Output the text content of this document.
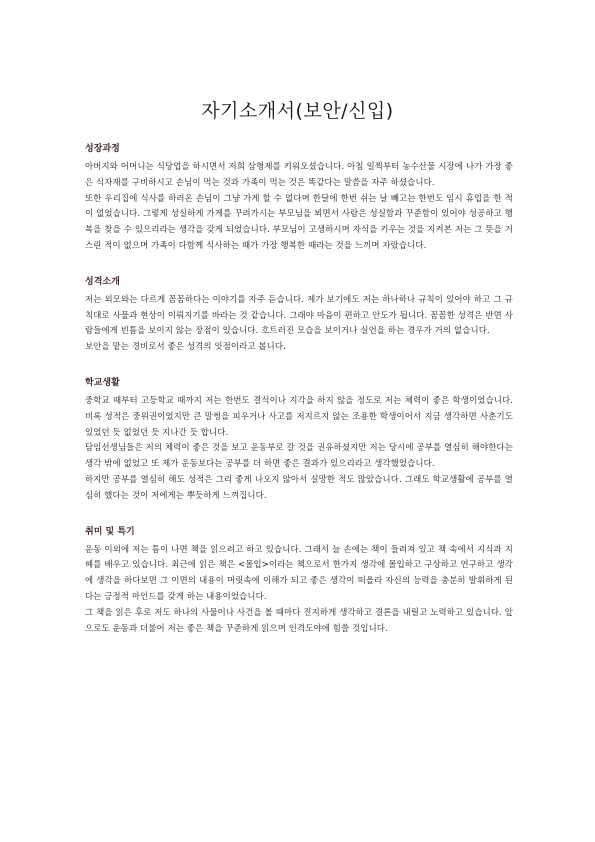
자기소개서(보안/신입)
성장과정

아버지와 어머니는 식당업을 하시면서 저희 삼형제를 키워오셨습니다. 아침 일찍부터 농수산물 시장에 나가 가장 좋은 식자재를 구비하시고 손님이 먹는 것과 가족이 먹는 것은 똑같다는 말씀을 자주 하셨습니다.

또한 우리집에 식사를 하러온 손님이 그냥 가게 할 수 없다며 한달에 한번 쉬는 날 빼고는 한번도 임시 휴업을 한 적이 없었습니다. 그렇게 성실하게 가게를 꾸려가시는 부모님을 뵈면서 사람은 성실함과 꾸준함이 있어야 성공하고 행복을 찾을 수 있으리라는 생각을 갖게 되었습니다. 부모님이 고생하시며 자식을 키우는 것을 지켜본 저는 그 뜻을 거스린 적이 없으며 가족이 다함께 식사하는 때가 가장 행복한 때라는 것을 느끼며 자랐습니다.

성격소개

저는 외모와는 다르게 꼼꼼하다는 이야기를 자주 듣습니다. 제가 보기에도 저는 하나하나 규칙이 있어야 하고 그 규칙대로 사물과 현상이 이뤄지기를 바라는 것 같습니다. 그래야 마음이 편하고 안도가 됩니다. 꼼꼼한 성격은 반면 사람들에게 빈틈을 보이지 않는 장점이 있습니다. 흐트러진 모습을 보이거나 실언을 하는 경우가 거의 없습니다.

보안을 맡는 경비로서 좋은 성격의 잇점이라고 봅니다.

학교생활

중학교 때부터 고등학교 때까지 저는 한번도 결석이나 지각을 하지 않을 정도로 저는 체력이 좋은 학생이었습니다. 비록 성적은 중위권이었지만 큰 말썽을 피우거나 사고를 저지르지 않는 조용한 학생이어서 지금 생각하면 사춘기도 있었던 듯 없었던 듯 지나간 듯 합니다.

담임선생님들은 저의 체력이 좋은 것을 보고 운동부로 갈 것을 권유하셨지만 저는 당시에 공부를 열심히 해야한다는 생각 밖에 없었고 또 제가 운동보다는 공부를 더 하면 좋은 결과가 있으리라고 생각했었습니다.

하지만 공부를 열심히 해도 성적은 그리 좋게 나오지 않아서 실망한 적도 많았습니다. 그래도 학교생활에 공부를 열심히 했다는 것이 저에게는 뿌듯하게 느껴집니다.

취미 및 특기

운동 이외에 저는 틈이 나면 책을 읽으려고 하고 있습니다. 그래서 늘 손에는 책이 들려져 있고 책 속에서 지식과 지혜를 배우고 있습니다. 최근에 읽은 책은 <몰입>이라는 책으로서 한가지 생각에 몰입하고 구상하고 연구하고 생각에 생각을 하다보면 그 이면의 내용이 머릿속에 이해가 되고 좋은 생각이 떠올라 자신의 능력을 충분히 발휘하게 된다는 긍정적 마인드를 갖게 하는 내용이었습니다.

그 책을 읽은 후로 저도 하나의 사물이나 사건을 볼 때마다 진지하게 생각하고 결론을 내릴고 노력하고 있습니다. 앞으로도 운동과 더불어 저는 좋은 책을 꾸준하게 읽으며 인격도야에 힘쓸 것입니다.
